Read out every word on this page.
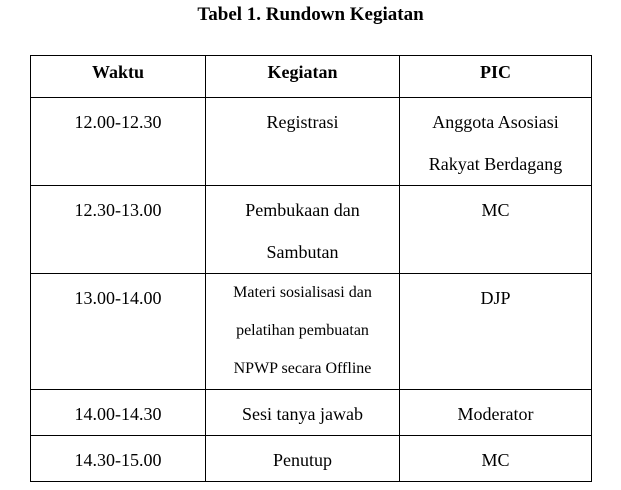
Tabel 1. Rundown Kegiatan
Waktu	Kegiatan	PIC

12.00-12.30	Registrasi	Anggota Asosiasi
Rakyat Berdagang

12.30-13.00	Pembukaan dan
Sambutan	MC

13.00-14.00	Materi sosialisasi dan
pelatihan pembuatan
NPWP secara Offline	DJP

14.00-14.30	Sesi tanya jawab	Moderator

14.30-15.00	Penutup	MC
